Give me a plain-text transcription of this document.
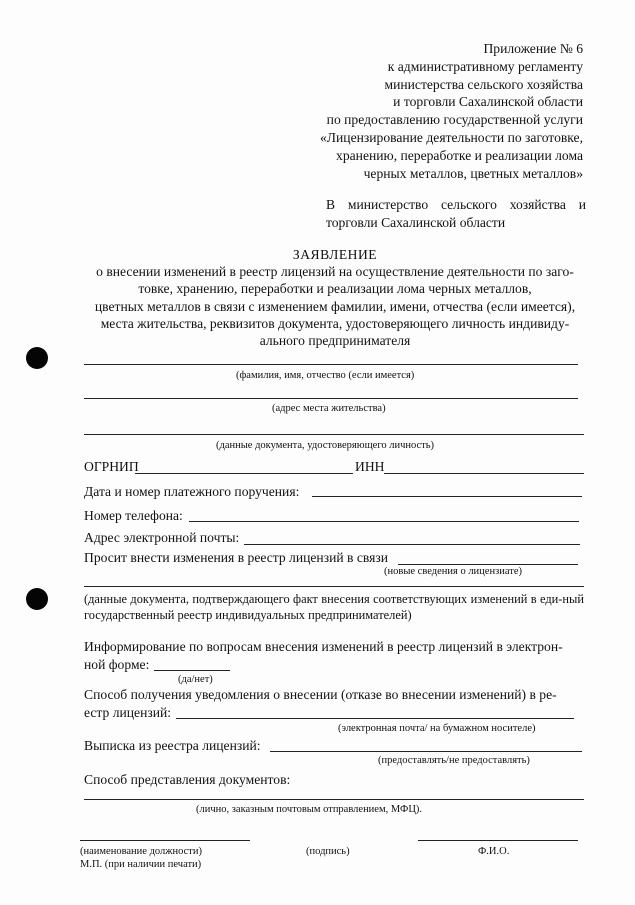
Приложение № 6
к административному регламенту
министерства сельского хозяйства
и торговли Сахалинской области
по предоставлению государственной услуги
«Лицензирование деятельности по заготовке,
хранению, переработке и реализации лома
черных металлов, цветных металлов»
В министерство сельского хозяйства и
торговли Сахалинской области
ЗАЯВЛЕНИЕ
о внесении изменений в реестр лицензий на осуществление деятельности по заго-
товке, хранению, переработки и реализации лома черных металлов,
цветных металлов в связи с изменением фамилии, имени, отчества (если имеется),
места жительства, реквизитов документа, удостоверяющего личность индивиду-
ального предпринимателя
(фамилия, имя, отчество (если имеется)
(адрес места жительства)
(данные документа, удостоверяющего личность)
ОГРНИП	ИНН
Дата и номер платежного поручения:
Номер телефона:
Адрес электронной почты:
Просит внести изменения в реестр лицензий в связи
(новые сведения о лицензиате)
(данные документа, подтверждающего факт внесения соответствующих изменений в еди-ный государственный реестр индивидуальных предпринимателей)
Информирование по вопросам внесения изменений в реестр лицензий в электрон-
ной форме:
(да/нет)
Способ получения уведомления о внесении (отказе во внесении изменений) в ре-
естр лицензий:
(электронная почта/ на бумажном носителе)
Выписка из реестра лицензий:
(предоставлять/не предоставлять)
Способ представления документов:
(лично, заказным почтовым отправлением, МФЦ).
(наименование должности)
М.П. (при наличии печати)
(подпись)	Ф.И.О.
